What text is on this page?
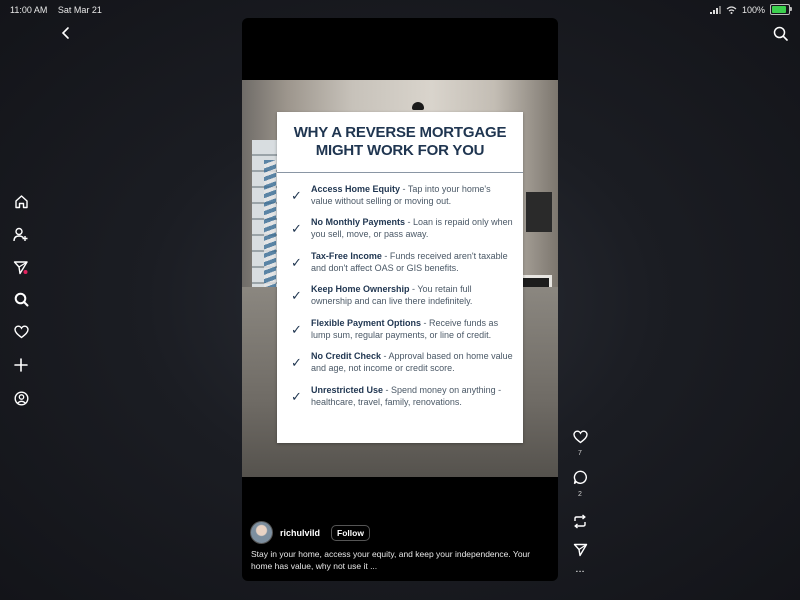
11:00 AM Sat Mar 21	100%
WHY A REVERSE MORTGAGE MIGHT WORK FOR YOU
✓	Access Home Equity - Tap into your home's value without selling or moving out.
✓	No Monthly Payments - Loan is repaid only when you sell, move, or pass away.
✓	Tax-Free Income - Funds received aren't taxable and don't affect OAS or GIS benefits.
✓	Keep Home Ownership - You retain full ownership and can live there indefinitely.
✓	Flexible Payment Options - Receive funds as lump sum, regular payments, or line of credit.
✓	No Credit Check - Approval based on home value and age, not income or credit score.
✓	Unrestricted Use - Spend money on anything - healthcare, travel, family, renovations.
richulvild	Follow
Stay in your home, access your equity, and keep your independence. Your home has value, why not use it ...
7
2
...
